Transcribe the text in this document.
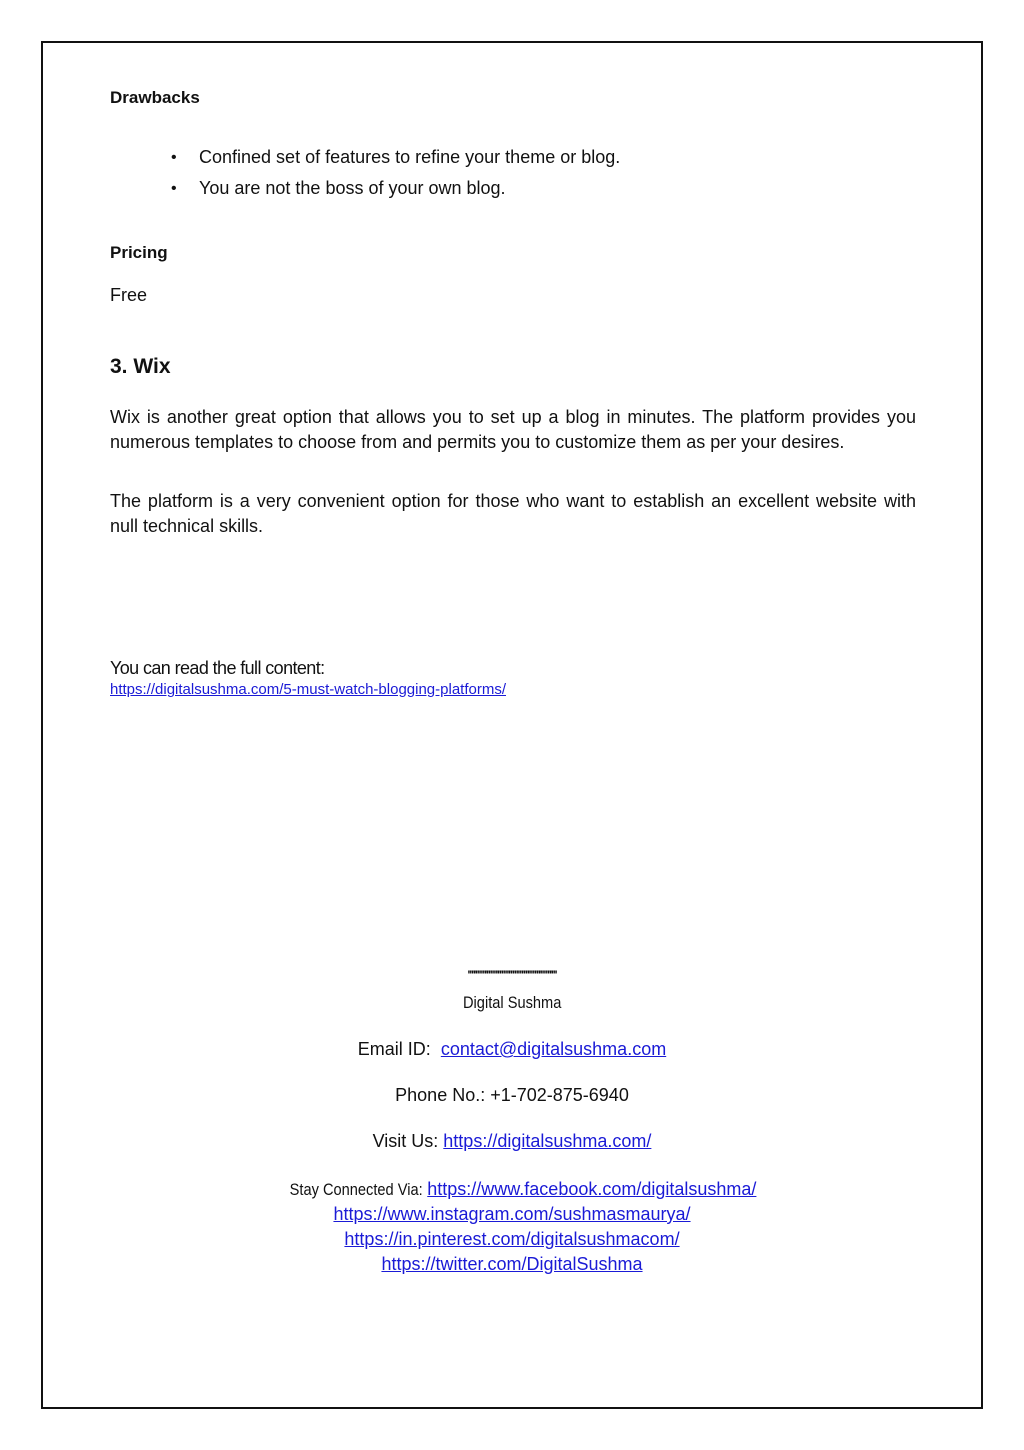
Drawbacks

• Confined set of features to refine your theme or blog.
• You are not the boss of your own blog.

Pricing

Free

3. Wix

Wix is another great option that allows you to set up a blog in minutes. The platform provides you numerous templates to choose from and permits you to customize them as per your desires.

The platform is a very convenient option for those who want to establish an excellent website with null technical skills.

You can read the full content:

https://digitalsushma.com/5-must-watch-blogging-platforms/
''''''''''''''''''''''''''''''''''''''''''''''''
Digital Sushma

Email ID: contact@digitalsushma.com

Phone No.: +1-702-875-6940

Visit Us: https://digitalsushma.com/

Stay Connected Via: https://www.facebook.com/digitalsushma/

https://www.instagram.com/sushmasmaurya/

https://in.pinterest.com/digitalsushmacom/

https://twitter.com/DigitalSushma
